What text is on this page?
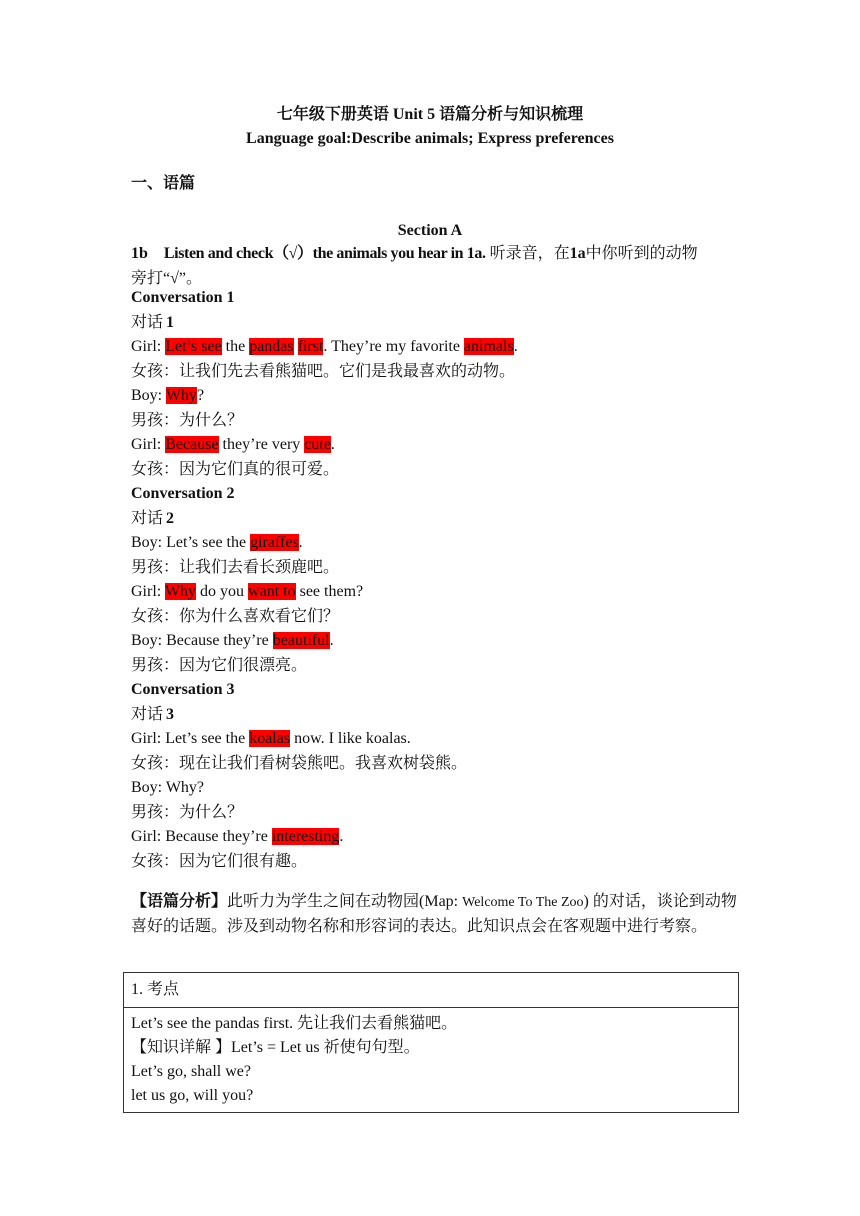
七年级下册英语 Unit 5 语篇分析与知识梳理
Language goal:Describe animals; Express preferences
一、语篇
Section A
1b Listen and check（√）the animals you hear in 1a. 听录音，在1a中你听到的动物
旁打“√”。
Conversation 1
对话 1
Girl: Let’s see the pandas first. They’re my favorite animals.
女孩：让我们先去看熊猫吧。它们是我最喜欢的动物。
Boy: Why?
男孩：为什么？
Girl: Because they’re very cute.
女孩：因为它们真的很可爱。
Conversation 2
对话 2
Boy: Let’s see the giraffes.
男孩：让我们去看长颈鹿吧。
Girl: Why do you want to see them?
女孩：你为什么喜欢看它们？
Boy: Because they’re beautiful.
男孩：因为它们很漂亮。
Conversation 3
对话 3
Girl: Let’s see the koalas now. I like koalas.
女孩：现在让我们看树袋熊吧。我喜欢树袋熊。
Boy: Why?
男孩：为什么？
Girl: Because they’re interesting.
女孩：因为它们很有趣。
【语篇分析】此听力为学生之间在动物园(Map: Welcome To The Zoo) 的对话，谈论到动物喜好的话题。涉及到动物名称和形容词的表达。此知识点会在客观题中进行考察。
1. 考点

Let’s see the pandas first. 先让我们去看熊猫吧。
【知识详解 】Let’s = Let us 祈使句句型。
Let’s go, shall we?
let us go, will you?
